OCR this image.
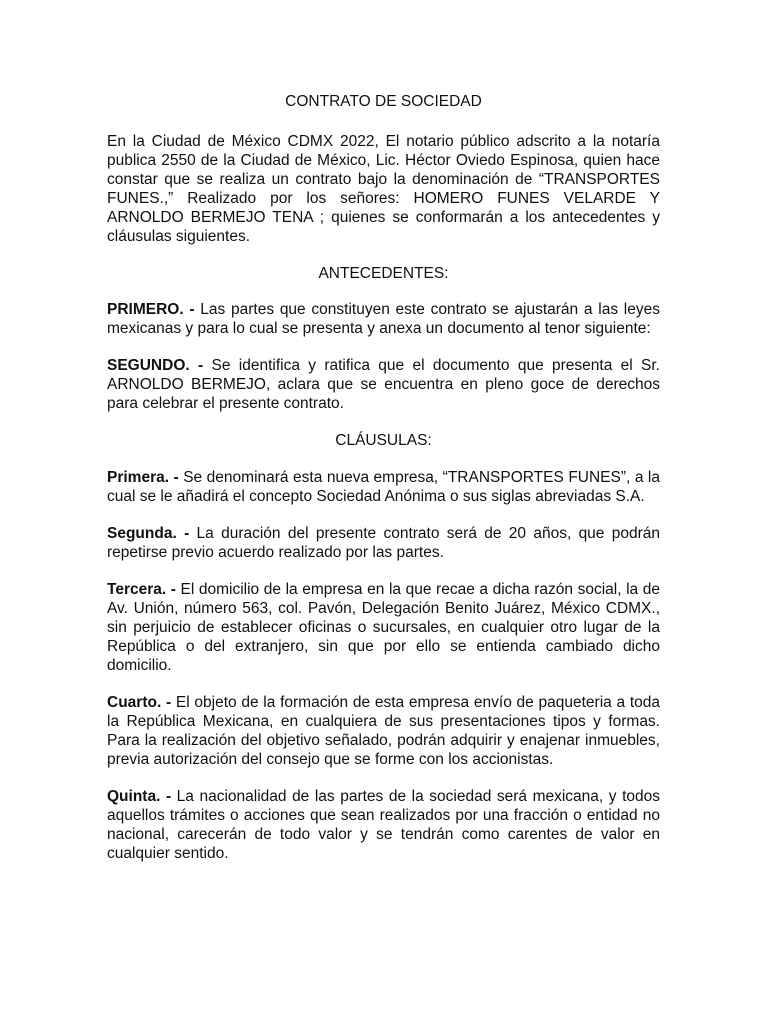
CONTRATO DE SOCIEDAD

En la Ciudad de México CDMX 2022, El notario público adscrito a la notaría publica 2550 de la Ciudad de México, Lic. Héctor Oviedo Espinosa, quien hace constar que se realiza un contrato bajo la denominación de “TRANSPORTES FUNES.,” Realizado por los señores: HOMERO FUNES VELARDE Y ARNOLDO BERMEJO TENA ; quienes se conformarán a los antecedentes y cláusulas siguientes.

ANTECEDENTES:

PRIMERO. - Las partes que constituyen este contrato se ajustarán a las leyes mexicanas y para lo cual se presenta y anexa un documento al tenor siguiente:

SEGUNDO. - Se identifica y ratifica que el documento que presenta el Sr. ARNOLDO BERMEJO, aclara que se encuentra en pleno goce de derechos para celebrar el presente contrato.

CLÁUSULAS:

Primera. - Se denominará esta nueva empresa, “TRANSPORTES FUNES”, a la cual se le añadirá el concepto Sociedad Anónima o sus siglas abreviadas S.A.

Segunda. - La duración del presente contrato será de 20 años, que podrán repetirse previo acuerdo realizado por las partes.

Tercera. - El domicilio de la empresa en la que recae a dicha razón social, la de Av. Unión, número 563, col. Pavón, Delegación Benito Juárez, México CDMX., sin perjuicio de establecer oficinas o sucursales, en cualquier otro lugar de la República o del extranjero, sin que por ello se entienda cambiado dicho domicilio.

Cuarto. - El objeto de la formación de esta empresa envío de paqueteria a toda la República Mexicana, en cualquiera de sus presentaciones tipos y formas. Para la realización del objetivo señalado, podrán adquirir y enajenar inmuebles, previa autorización del consejo que se forme con los accionistas.

Quinta. - La nacionalidad de las partes de la sociedad será mexicana, y todos aquellos trámites o acciones que sean realizados por una fracción o entidad no nacional, carecerán de todo valor y se tendrán como carentes de valor en cualquier sentido.
